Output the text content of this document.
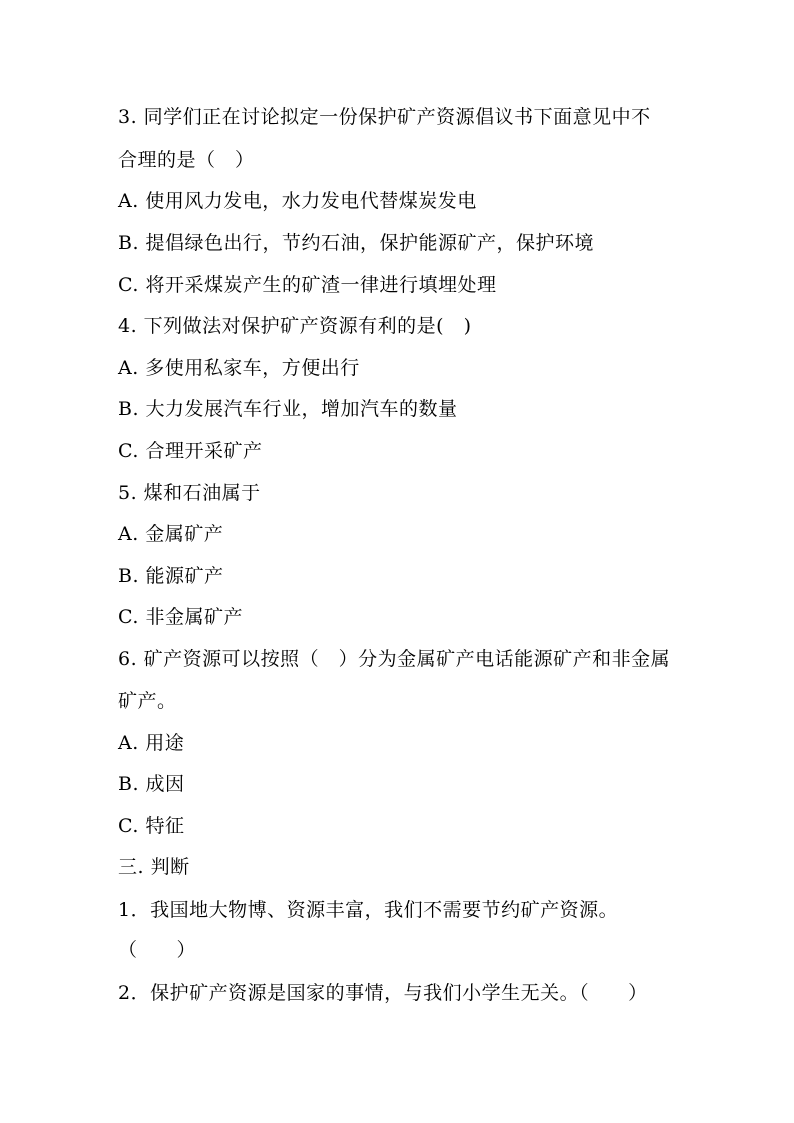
3. 同学们正在讨论拟定一份保护矿产资源倡议书下面意见中不
合理的是（　）
A. 使用风力发电，水力发电代替煤炭发电
B. 提倡绿色出行，节约石油，保护能源矿产，保护环境
C. 将开采煤炭产生的矿渣一律进行填埋处理
4. 下列做法对保护矿产资源有利的是(　)
A. 多使用私家车，方便出行
B. 大力发展汽车行业，增加汽车的数量
C. 合理开采矿产
5. 煤和石油属于
A. 金属矿产
B. 能源矿产
C. 非金属矿产
6. 矿产资源可以按照（　）分为金属矿产电话能源矿产和非金属
矿产。
A. 用途
B. 成因
C. 特征
三. 判断
1．我国地大物博、资源丰富，我们不需要节约矿产资源。
（　　）
2．保护矿产资源是国家的事情，与我们小学生无关。（　　）
